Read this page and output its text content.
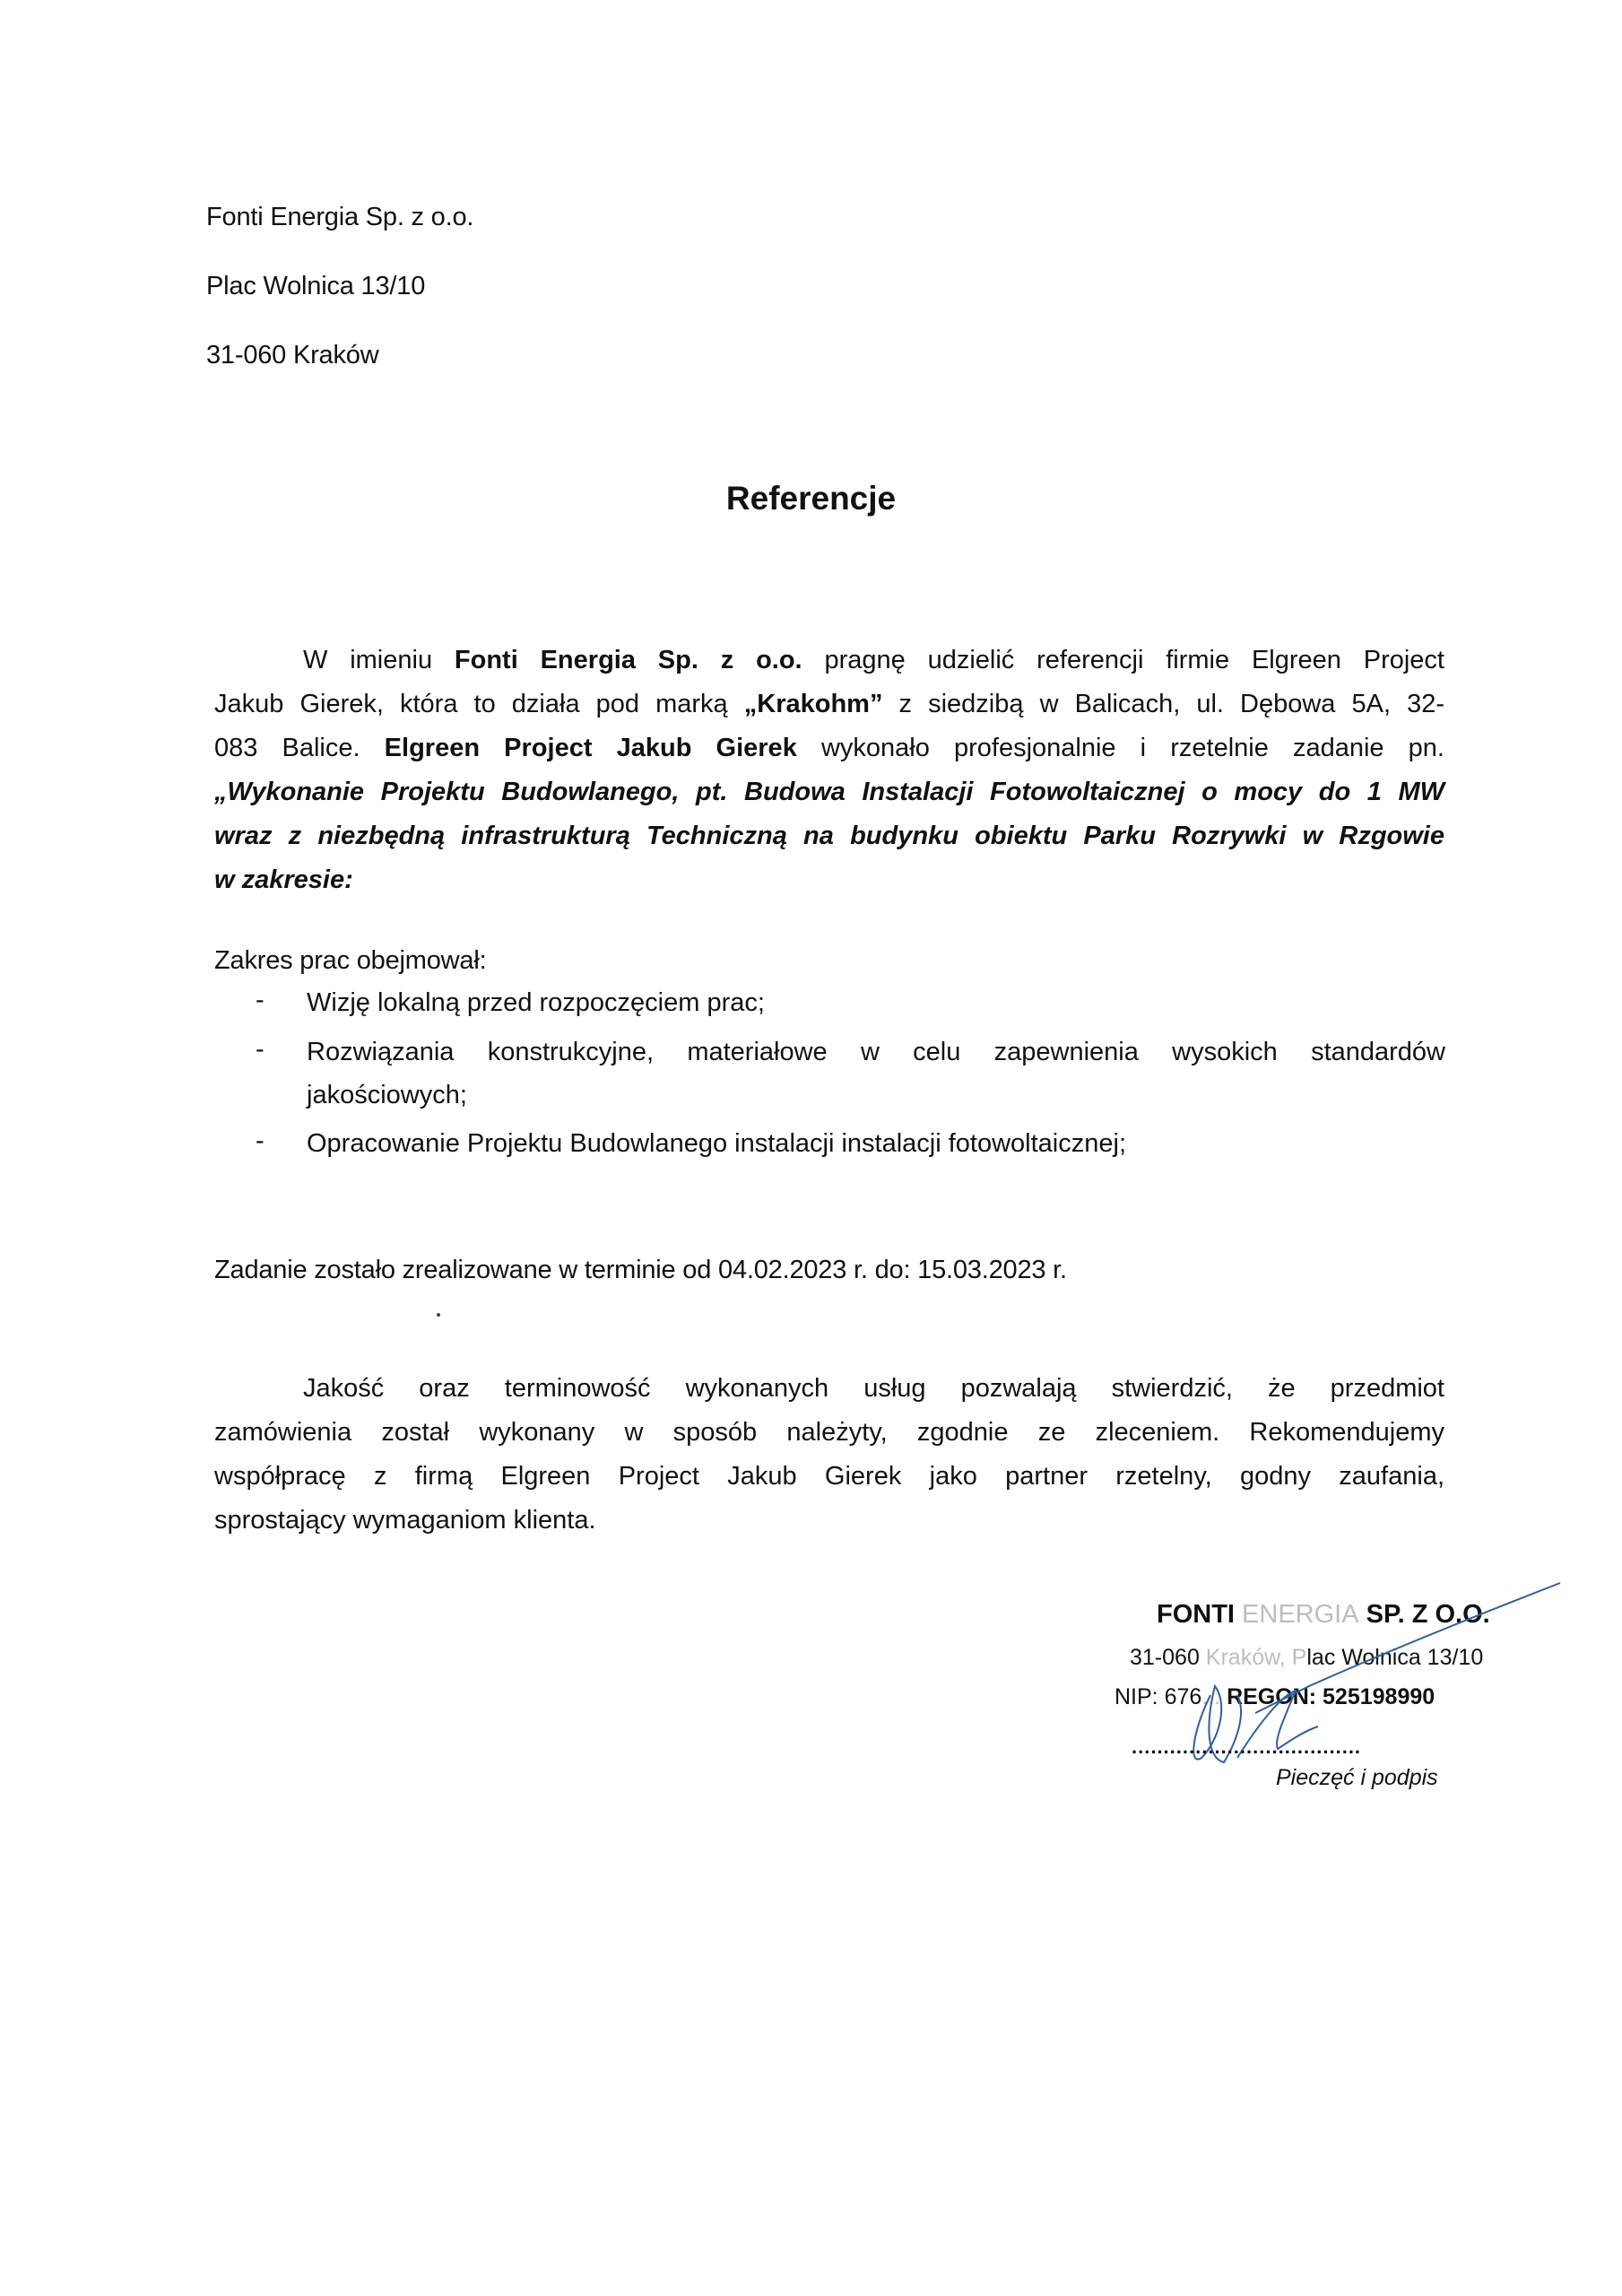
Fonti Energia Sp. z o.o.
Plac Wolnica 13/10
31-060 Kraków
Referencje
W imieniu Fonti Energia Sp. z o.o. pragnę udzielić referencji firmie Elgreen Project
Jakub Gierek, która to działa pod marką „Krakohm” z siedzibą w Balicach, ul. Dębowa 5A, 32-
083 Balice. Elgreen Project Jakub Gierek wykonało profesjonalnie i rzetelnie zadanie pn.
„Wykonanie Projektu Budowlanego, pt. Budowa Instalacji Fotowoltaicznej o mocy do 1 MW
wraz z niezbędną infrastrukturą Techniczną na budynku obiektu Parku Rozrywki w Rzgowie
w zakresie:
Zakres prac obejmował:
- Wizję lokalną przed rozpoczęciem prac;
- Rozwiązania konstrukcyjne, materiałowe w celu zapewnienia wysokich standardów
jakościowych;
- Opracowanie Projektu Budowlanego instalacji instalacji fotowoltaicznej;
Zadanie zostało zrealizowane w terminie od 04.02.2023 r. do: 15.03.2023 r.
Jakość oraz terminowość wykonanych usług pozwalają stwierdzić, że przedmiot
zamówienia został wykonany w sposób należyty, zgodnie ze zleceniem. Rekomendujemy
współpracę z firmą Elgreen Project Jakub Gierek jako partner rzetelny, godny zaufania,
sprostający wymaganiom klienta.
FONTI ENERGIA SP. Z O.O.
31-060 Kraków, Plac Wolnica 13/10
NIP: 676... REGON: 525198990
....................................
Pieczęć i podpis
